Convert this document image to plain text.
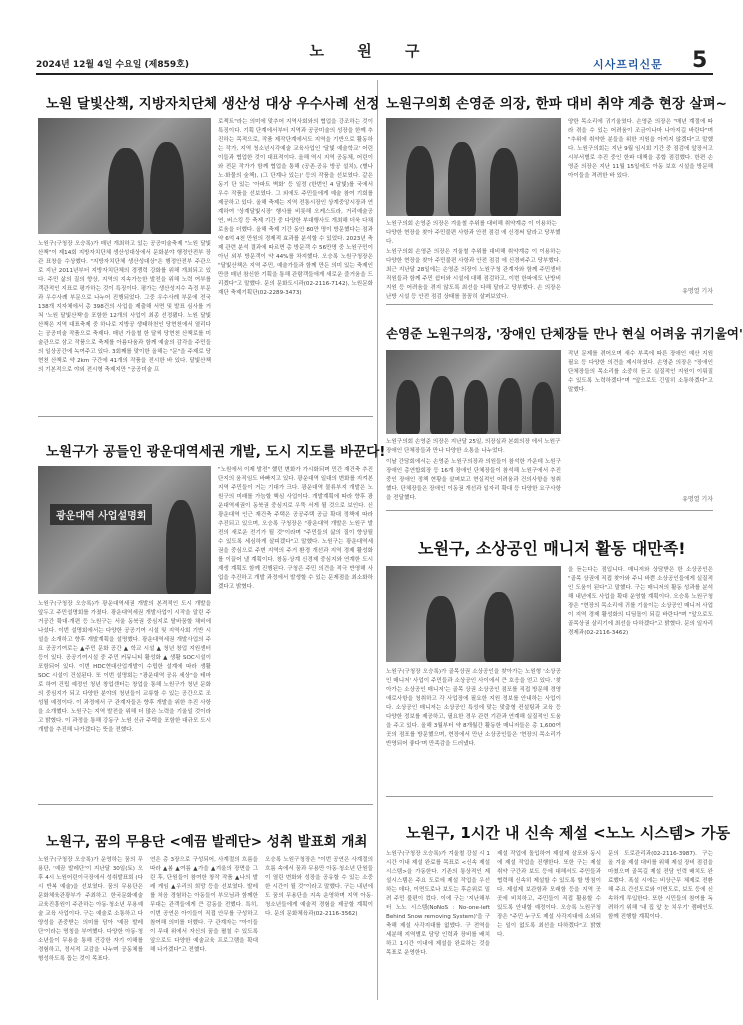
2024년 12월 4일 수요일 (제859호)
노 원 구
시사프리신문 5
노원 달빛산책, 지방자치단체 생산성 대상 우수사례 선정
노원구(구청장 오승록)가 매년 개최하고 있는 공공미술축제 "노원 달빛산책"이 제14회 지방자치단체 생산성대상에서 문화분야 행정안전부 장관 표창을 수상했다. "지방자치단체 생산성대상"은 행정안전부 주관으로 지난 2011년부터 지방자치단체의 경쟁력 강화를 위해 개최되고 있다. 주민 삶의 질의 향상, 지역의 지속가능한 발전을 위해 노력 여부를 객관적인 지표로 평가하는 것이 특징이다. 평가는 생산성지수 측정 부문과 우수사례 부문으로 나누어 진행되었다. 그중 우수사례 부문에 전국 138개 지자체에서 총 398건의 사업을 제출해 서면 및 발표 심사를 거쳐 '노원 달빛산책'을 포함한 12개의 사업이 최종 선정됐다. 노원 달빛산책은 지역 대표축제 중 하나로 지방공 생태하천인 당현천에서 열리다는 공공미술 작품으로 축제다. 매년 가을철 한 달씩 당현천 산책로를 미술관으로 삼고 작품으로 축제를 아름다움과 함께 예술의 감각을 주민들의 일상공간에 녹여주고 있다. 3회째를 맞이한 올해는 "문"을 주제로 당현천 산책로 약 2km 구간에 41개의 작품을 전시한 바 있다. 달빛산책의 기본적으로 야외 전시형 축제지만 "공공미술 프
로젝트"라는 의미에 맞추어 지역사회와의 협업을 강조하는 것이 특징이다. 기획 단계에서부터 지역과 공공미술의 성장을 한께 추진하는 목적으로, 작품 제작단계에서도 지역을 기반으로 활동하는 작가, 지역 청소년시각예술 교육사업인 '달빛 예술학교' 어린이들과 협업한 것이 대표적이다. 올해 역시 지역 공동체, 어린이와 전문 작가가 함께 협업을 통해 (공존·공유 방공 설치), (별나노·화물의 숲책), (그 단계나 있는)' 등의 작품을 선보였다. 같은 동기 단 있는 ‘아파트 벽화’ 등 일정 (한번인 4 달빛)를 국에서 우수 작품을 선보였다. 그 외에도 주민들에게 예술 참여 기회를 제공하고 있다. 올해 축제는 지역 전통시장인 상계중앙시장과 연계하여 '상계달빛시장' 행사를 비롯해 오케스트라, 거리예술공연, 버스킹 등 축제 기간 중 다양한 부대행사도 개최해 더욱 다채로움을 더했다. 올해 축제 기간 동안 80만 명이 방문했다는 점과 약 6억 4천 만원의 경제적 효과를 분석할 수 있었다. 2023년 축제 관련 분석 결과에 따르면 총 방문객 수 56만명 중 노원구민이 아닌 외부 방문객이 약 44%를 차지했다. 오승록 노원구청장은 "달빛산책은 지역 주민, 예술가들과 함께 만든 의미 있는 축제인 만큼 매년 참신한 기획을 통해 관람객들에게 새로운 즐거움을 드리겠다"고 말했다. 문의 문화도시과(02-2116-7142), 노원문화재단 축제기획단(02-2289-3473)
노원구가 공들인 광운대역세권 개발, 도시 지도를 바꾼다!
광운대역 사업설명회
노원구(구청장 오승록)가 광운대역세권 개발의 본격적인 도시 개발을 앞두고 주민설명회를 가졌다. 광운대역세권 개발사업이 시작을 알린 주거공간 확대·개편 등 노원구는 서울 동북권 중심지로 탈바꿈할 채비에 나섰다. 이번 설명회에서는 다양한 공공기여 시설 및 지역사회 기반 시설을 소개하고 향후 개발계획을 설명했다. 광운대역세권 개발사업의 주요 공공기여로는 ▲주민 문화 공간 ▲ 학교 시설 ▲ 청년 창업 지원센터 등이 있다. 공공기여시설 중 주민 커뮤니티 활성화 ▲ 생활 SOC시설이 포함되어 있다. 이번 HDC현대산업개발이 수립한 설계에 따라 생활 SOC 시설이 건설된다. 또 이번 설명회는 "광운대역 공유 세상"을 테마로 하여 건립 예정인 청년 창업센터는 창업을 통해 노원구가 청년 문화의 중심지가 되고 다양한 분야의 청년들이 교류할 수 있는 공간으로 조성될 예정이다. 이 과정에서 구 관계자들은 향후 개발을 위한 추진 사항을 소개했다. 노원구는 지역 발전을 위해 더 많은 노력을 기울일 것이라고 밝혔다. 이 과정을 통해 강동구 노원 신규 주택을 포함한 대규모 도시 개발을 추진해 나가겠다는 뜻을 전했다.
"노원에서 이제 발전" 했던 변화가 가시화되며 민간 재건축 추진단지의 움직임도 바빠지고 있다. 광운대역 일대의 변화를 지켜본 지역 주민들이 거는 기대가 크다. 광운대역 물류부지 개발은 노원구의 미래를 가늠할 핵심 사업이다. 개발계획에 따라 향후 광운대역세권이 동북권 중심지로 우뚝 서게 될 것으로 보인다. 신광운대역 인근 재건축 주택은 공공주택 공급 확대 정책에 따라 추진되고 있으며, 오승록 구청장은 "광운대역 개발은 노원구 발전의 새로운 전기가 될 것"이라며 "주민들의 삶의 질이 향상될 수 있도록 세심하게 살피겠다"고 말했다. 노원구는 광운대역세권을 중심으로 주변 지역의 주거 환경 개선과 지역 경제 활성화를 이끌어 낼 계획이다. 창동·상계 신경제 중심지와 연계한 도시 재생 계획도 함께 진행된다. 구청은 주민 의견을 적극 반영해 사업을 추진하고 개발 과정에서 발생할 수 있는 문제점을 최소화하겠다고 밝혔다.
노원구, 꿈의 무용단 <예끔 발레단> 성취 발표회 개최
노원구(구청장 오승록)가 운영하는 꿈의 무용단, '예끔 발레단'이 지난달 30일(토) 오후 4시 노원어린이극장에서 성취발표회 (다시 반복 예술)을 선보였다. 꿈의 무용단은 문화체육관광부가 주최하고 한국문화예술교육진흥원이 주관하는 아동·청소년 무용예술 교육 사업이다. 구는 예술로 소통하고 다양성을 존중받는 의미를 담아 '예끔 발레단'이라는 명칭을 부여했다. 다양한 아동·청소년들이 무용을 통해 건강한 자기 이해를 경험하고, 정서적 교감을 나누며 공동체를 형성하도록 돕는 것이 목표다.
연은 총 3장으로 구성되어, 사계절의 흐름을 따라 ▲봄 ▲여름 ▲가을 ▲겨울의 장면을 그린 후, 단원들이 참여한 창작 작품 ▲나의 발레 게임 ▲우리의 희망 등을 선보였다. 발레를 처음 경험하는 아동들이 부모님과 함께한 무대는 관객들에게 큰 감동을 전했다. 특히, 이번 공연은 아이들이 직접 안무를 구성하고 참여해 의미를 더했다. 구 관계자는 "아이들이 무대 위에서 자신의 꿈을 펼칠 수 있도록 앞으로도 다양한 예술교육 프로그램을 확대해 나가겠다"고 전했다.
오승록 노원구청장은 "이번 공연은 사계절의 흐름 속에서 꿈과 무용만 아동·청소년 단원들이 열린 변화와 성장을 공유할 수 있는 소중한 시간이 될 것"이라고 말했다. 구는 내년에도 꿈의 무용단을 지속 운영하며 지역 아동·청소년들에게 예술적 경험을 제공할 계획이다. 문의 문화체육과(02-2116-3562)
노원구의회 손영준 의장, 한파 대비 취약 계층 현장 살펴~
노원구의회 손영준 의장은 겨울철 추위를 대비해 취약계층 이 이용하는 다양한 현장을 찾아 주민불편 사항과 안전 점검 에 신경써 달라고 당부했다.
노원구의회 손영준 의장은 겨울철 추위를 대비해 취약계층 이 이용하는 다양한 현장을 찾아 주민불편 사항과 안전 점검 에 신경써주고 당부했다. 최근 지난달 28일에는 손영준 의장이 노원구청 관계자와 함께 주민센터 직원들과 함께 주민 쉼터와 시설에 대해 점검하고, 이번 한파에도 난방비 지원 등 어려움을 겪지 않도록 최선을 다해 달라고 당부했다. 손 의장은 난방 시설 등 안전 점검 상태를 꼼꼼히 살펴보았다.
양한 목소리에 귀기울였다. 손영준 의장은 "매년 계절에 따라 겪을 수 있는 어려움이 조금이나마 나아지길 바란다"며 "추위에 취약한 분들을 위한 지원을 아끼지 않겠다"고 말했다. 노원구의회는 지난 9월 임시회 기간 중 점검에 앞장서고 시부서별로 추진 중인 한파 대책을 종합 점검했다. 한편 손영준 의장은 지난 11월 15일에도 아동 보호 시설을 방문해 아이들을 격려한 바 있다.
유명열 기자
손영준 노원구의장, '장애인 단체장들 만나 현실 어려움 귀기울여'
노원구의회 손영준 의장은 지난달 25일, 의장실과 본회의장 에서 노원구 장애인 단체장들과 만나 다양한 소통을 나누었다.
이날 간담회에서는 손영준 노원구의장과 의원들이 참석한 가운데 노원구 장애인 총연합회장 등 16개 장애인 단체장들이 참석해 노원구에서 추진 중인 장애인 정책 현황을 살펴보고 현실적인 어려움과 건의사항을 청취했다. 단체장들은 장애인 이동권 개선과 일자리 확대 등 다양한 요구사항을 전달했다.
작년 문제를 겪어오며 새수 부족에 따른 장애인 예산 지원 필요 등 다양한 의견을 제시하였다. 손영준 의장은 "장애인 단체장들의 목소리를 소중히 듣고 실질적인 지원이 이뤄질 수 있도록 노력하겠다"며 "앞으로도 긴밀히 소통하겠다"고 말했다.
유명열 기자
노원구, 소상공인 매니저 활동 대만족!
노원구(구청장 오승록)가 골목상권 소상공인을 찾아가는 노원형 '소상공인 매니저' 사업이 주민들과 소상공인 사이에서 큰 호응을 얻고 있다. '찾아가는 소상공인 매니저'는 골목 상권 소상공인 점포를 직접 방문해 경영 애로사항을 청취하고 각 사업장에 필요한 지원 정보를 안내하는 사업이다. 소상공인 매니저는 소상공인 특성에 맞는 맞춤형 컨설팅과 교육 등 다양한 정보를 제공하고, 필요한 경우 관련 기관과 연계해 실질적인 도움을 주고 있다. 올해 3월부터 약 8개월간 활동한 매니저들은 총 1,600여 곳의 점포를 방문했으며, 현장에서 만난 소상공인들은 '현장의 목소리가 반영되어 좋다'며 만족감을 드러냈다.
을 듣는다는 점입니다. 매니저와 상담받은 한 소상공인은 "골목 상권에 직접 찾아와 주니 바쁜 소상공인들에게 실질적인 도움이 된다"고 말했다. 구는 매니저의 활동 성과를 분석해 내년에도 사업을 확대 운영할 계획이다. 오승록 노원구청장은 "현장의 목소리에 귀를 기울이는 소상공인 매니저 사업이 지역 경제 활성화의 디딤돌이 되길 바란다"며 "앞으로도 골목상권 살리기에 최선을 다하겠다"고 밝혔다. 문의 일자리경제과(02-2116-3462)
노원구, 1시간 내 신속 제설 <노노 시스템> 가동
노원구(구청장 오승록)가 겨울철 강설 시 1시간 이내 제설 완료를 목표로 <신속 제설시스템>을 가동한다. 기존의 통상적인 제설시스템은 주요 도로에 제설 작업을 우선하는 데다, 이면도로나 보도는 후순위로 밀려 주민 불편이 컸다. 이에 구는 '지난해부터 노노 시스템(NoNoS : No-one-left Behind Snow removing System)'을 구축해 제설 사각지대를 없앴다. 구 전역을 세분해 지역별로 담당 인력과 장비를 배치하고 1시간 이내에 제설을 완료하는 것을 목표로 운영한다.
제설 작업에 돌입하여 제설제 살포와 동시에 제설 작업을 진행한다. 또한 구는 제설 취약 구간과 보도 등에 대해서도 주민들과 협력해 신속히 제설할 수 있도록 할 방침이다. 제설제 보관함과 모래함 등을 지역 곳곳에 비치하고, 주민들이 직접 활용할 수 있도록 안내할 예정이다. 오승록 노원구청장은 "주민 누구도 제설 사각지대에 소외되는 일이 없도록 최선을 다하겠다"고 밝혔다.
문의 도로관리과(02-2116-3987). 구는 올 겨울 제설 대비를 위해 제설 장비 점검을 마쳤으며 골목길 제설 전담 인력 배치도 완료했다. 폭설 시에는 비상근무 체제로 전환해 주요 간선도로와 이면도로, 보도 등에 신속하게 투입한다. 또한 시민들의 참여를 독려하기 위해 '내 집 앞 눈 치우기' 캠페인도 함께 진행할 계획이다.
